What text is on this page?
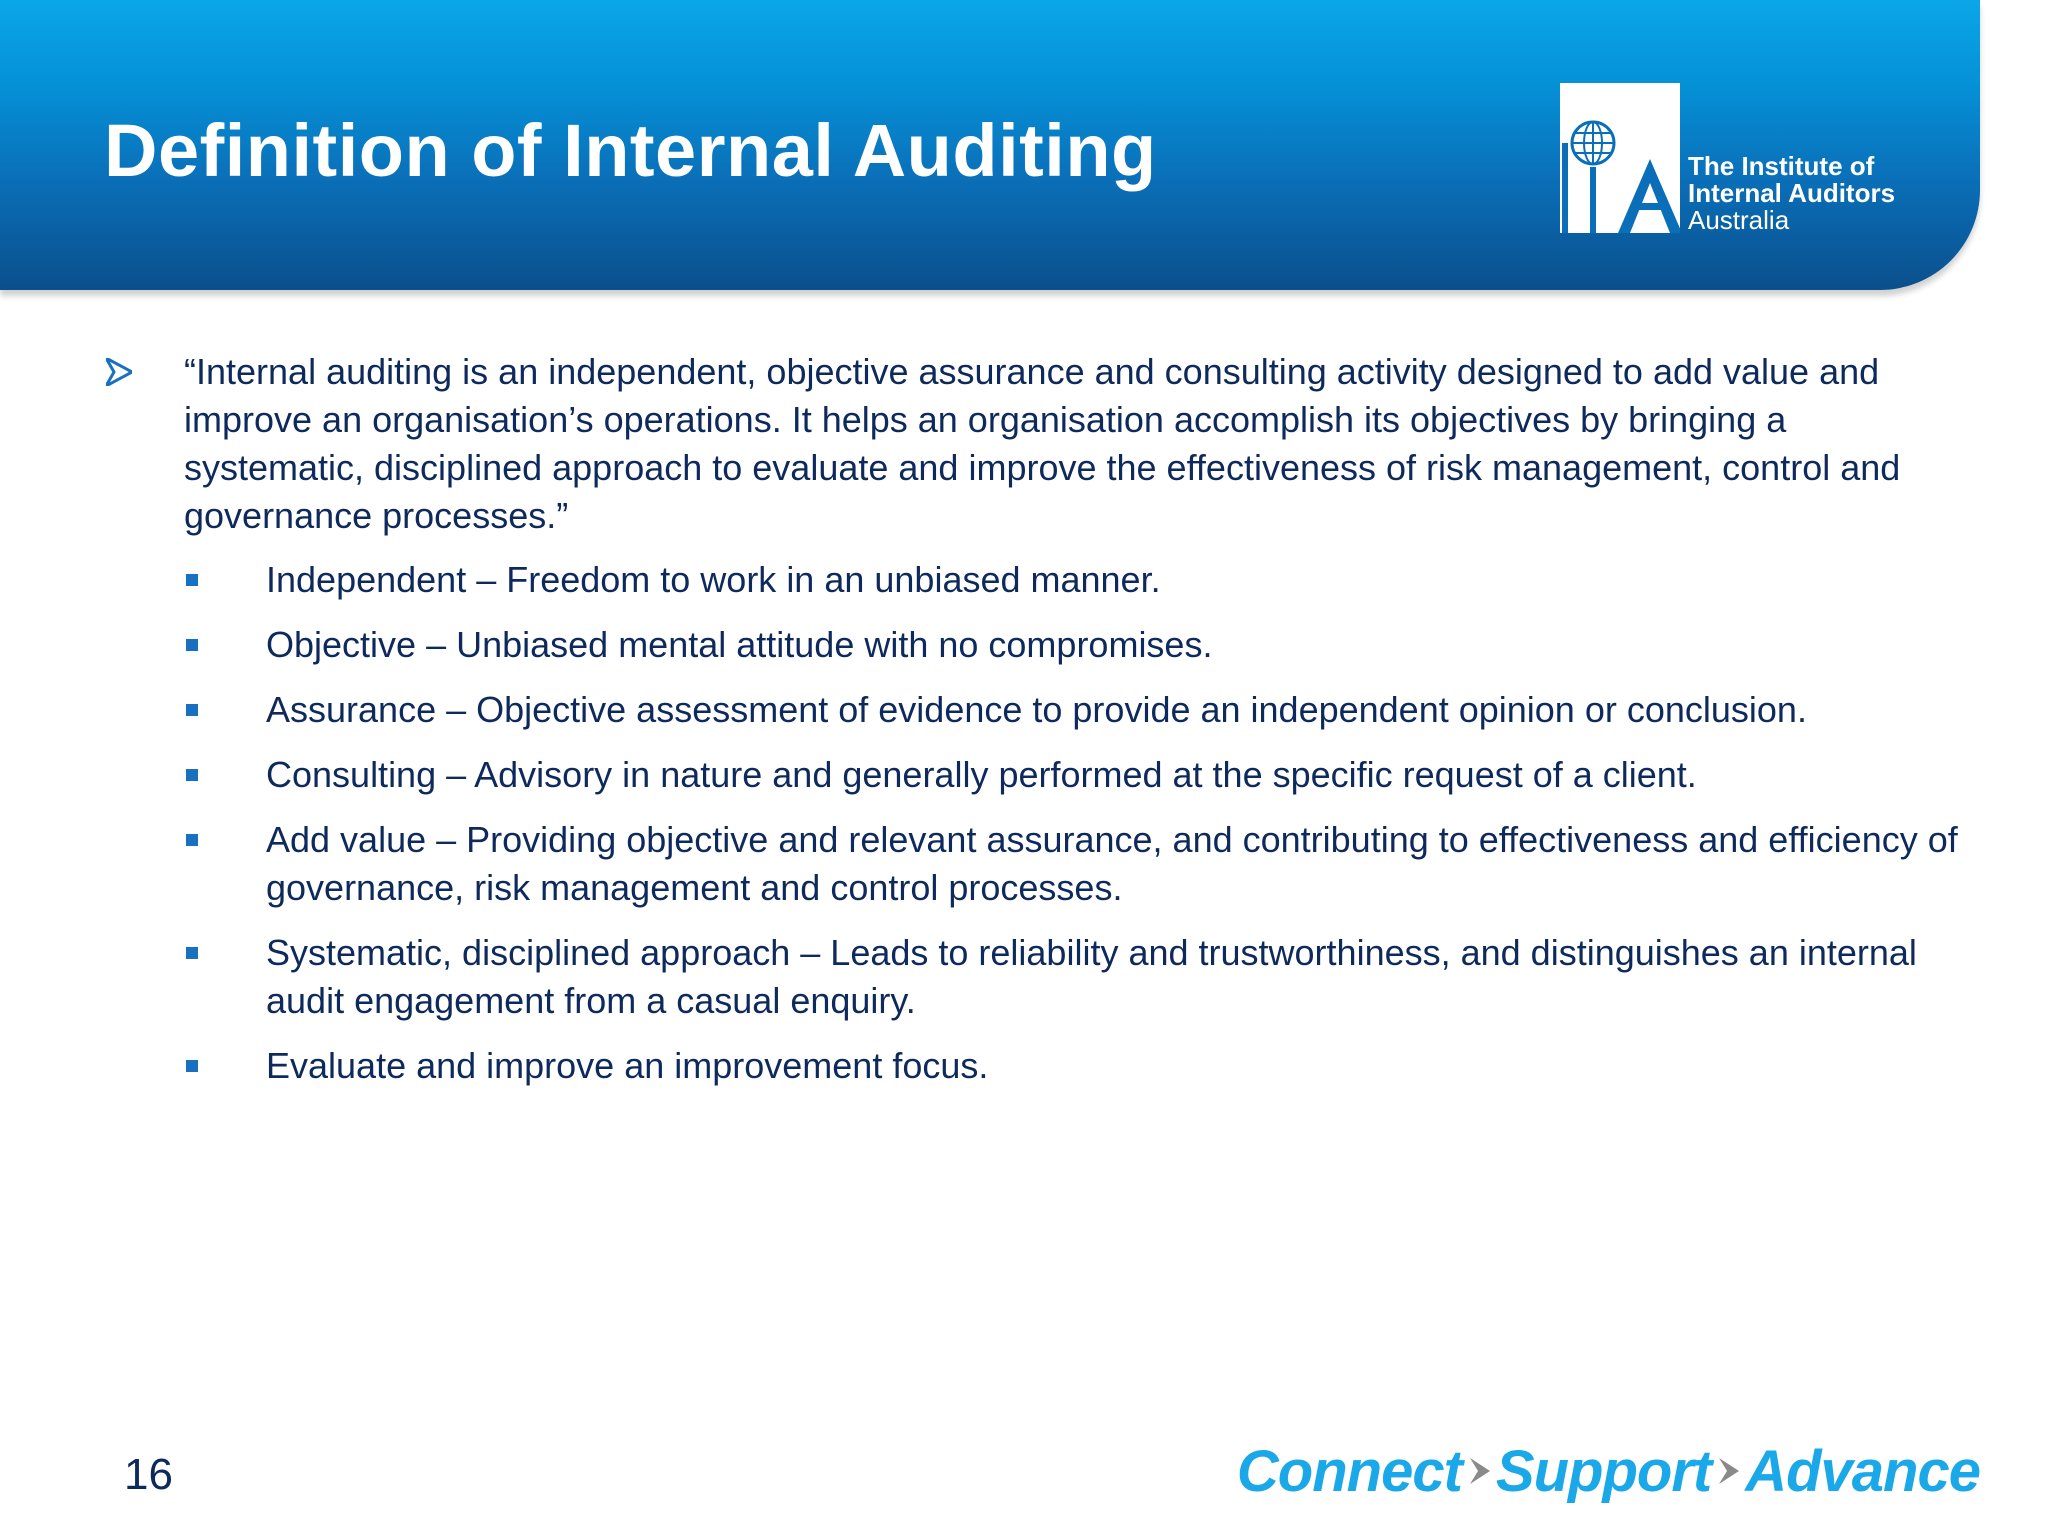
Definition of Internal Auditing	The Institute of
Internal Auditors
Australia
“Internal auditing is an independent, objective assurance and consulting activity designed to add value and improve an organisation’s operations. It helps an organisation accomplish its objectives by bringing a systematic, disciplined approach to evaluate and improve the effectiveness of risk management, control and governance processes.”
Independent – Freedom to work in an unbiased manner.
Objective – Unbiased mental attitude with no compromises.
Assurance – Objective assessment of evidence to provide an independent opinion or conclusion.
Consulting – Advisory in nature and generally performed at the specific request of a client.
Add value – Providing objective and relevant assurance, and contributing to effectiveness and efficiency of governance, risk management and control processes.
Systematic, disciplined approach – Leads to reliability and trustworthiness, and distinguishes an internal audit engagement from a casual enquiry.
Evaluate and improve an improvement focus.
16	Connect Support Advance
